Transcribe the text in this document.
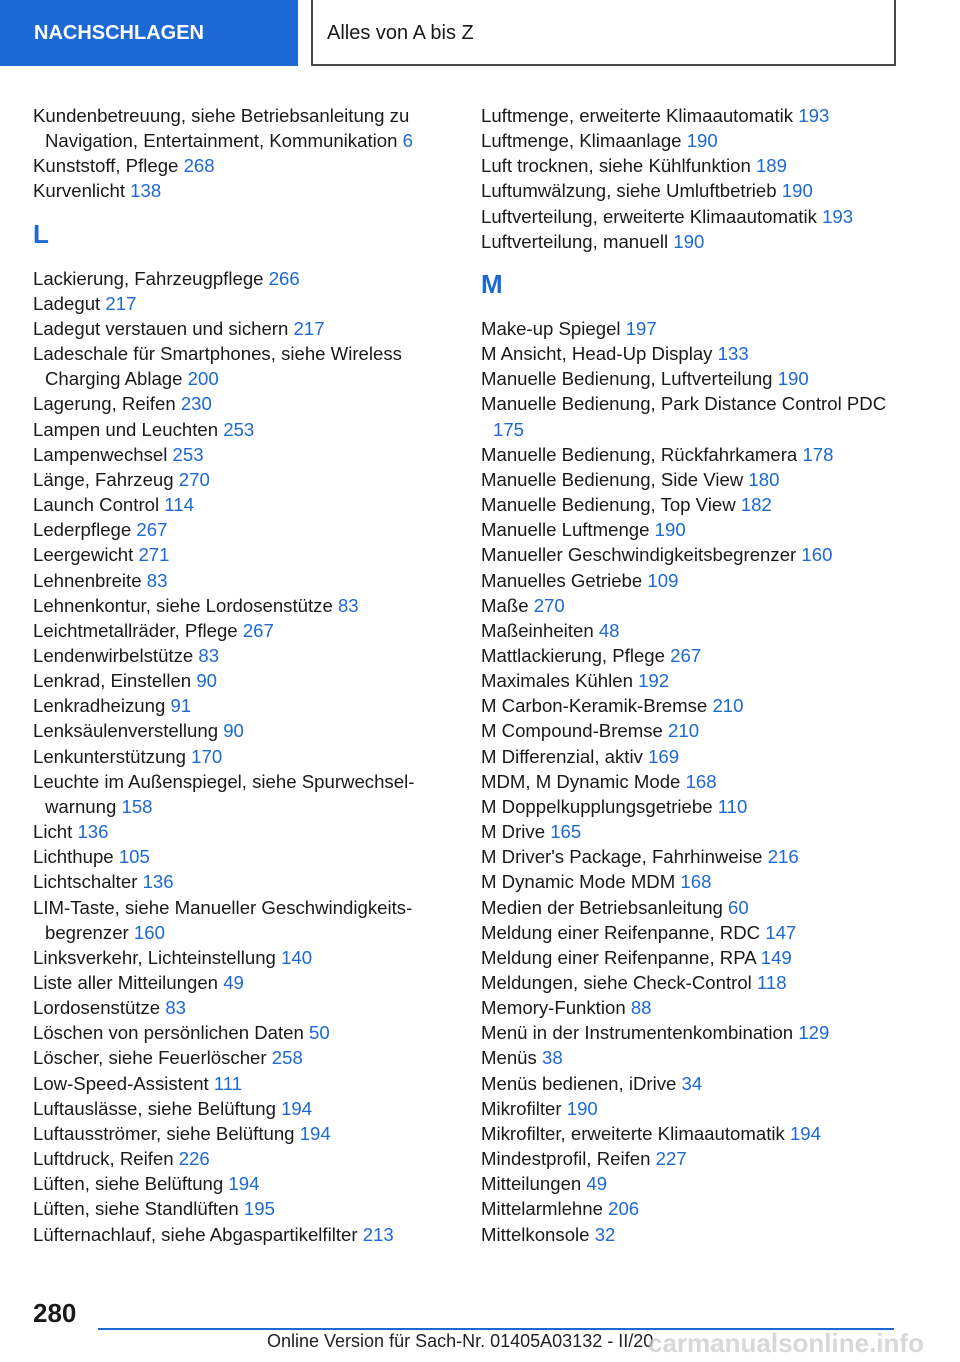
NACHSCHLAGEN	Alles von A bis Z
Kundenbetreuung, siehe Betriebsanleitung zu Navigation, Entertainment, Kommunikation 6
Kunststoff, Pflege 268
Kurvenlicht 138
L
Lackierung, Fahrzeugpflege 266
Ladegut 217
Ladegut verstauen und sichern 217
Ladeschale für Smartphones, siehe Wireless Charging Ablage 200
Lagerung, Reifen 230
Lampen und Leuchten 253
Lampenwechsel 253
Länge, Fahrzeug 270
Launch Control 114
Lederpflege 267
Leergewicht 271
Lehnenbreite 83
Lehnenkontur, siehe Lordosenstütze 83
Leichtmetallräder, Pflege 267
Lendenwirbelstütze 83
Lenkrad, Einstellen 90
Lenkradheizung 91
Lenksäulenverstellung 90
Lenkunterstützung 170
Leuchte im Außenspiegel, siehe Spurwechselwarnung 158
Licht 136
Lichthupe 105
Lichtschalter 136
LIM-Taste, siehe Manueller Geschwindigkeitsbegrenzer 160
Linksverkehr, Lichteinstellung 140
Liste aller Mitteilungen 49
Lordosenstütze 83
Löschen von persönlichen Daten 50
Löscher, siehe Feuerlöscher 258
Low-Speed-Assistent 111
Luftauslässe, siehe Belüftung 194
Luftausströmer, siehe Belüftung 194
Luftdruck, Reifen 226
Lüften, siehe Belüftung 194
Lüften, siehe Standlüften 195
Lüfternachlauf, siehe Abgaspartikelfilter 213
Luftmenge, erweiterte Klimaautomatik 193
Luftmenge, Klimaanlage 190
Luft trocknen, siehe Kühlfunktion 189
Luftumwälzung, siehe Umluftbetrieb 190
Luftverteilung, erweiterte Klimaautomatik 193
Luftverteilung, manuell 190
M
Make-up Spiegel 197
M Ansicht, Head-Up Display 133
Manuelle Bedienung, Luftverteilung 190
Manuelle Bedienung, Park Distance Control PDC 175
Manuelle Bedienung, Rückfahrkamera 178
Manuelle Bedienung, Side View 180
Manuelle Bedienung, Top View 182
Manuelle Luftmenge 190
Manueller Geschwindigkeitsbegrenzer 160
Manuelles Getriebe 109
Maße 270
Maßeinheiten 48
Mattlackierung, Pflege 267
Maximales Kühlen 192
M Carbon-Keramik-Bremse 210
M Compound-Bremse 210
M Differenzial, aktiv 169
MDM, M Dynamic Mode 168
M Doppelkupplungsgetriebe 110
M Drive 165
M Driver's Package, Fahrhinweise 216
M Dynamic Mode MDM 168
Medien der Betriebsanleitung 60
Meldung einer Reifenpanne, RDC 147
Meldung einer Reifenpanne, RPA 149
Meldungen, siehe Check-Control 118
Memory-Funktion 88
Menü in der Instrumentenkombination 129
Menüs 38
Menüs bedienen, iDrive 34
Mikrofilter 190
Mikrofilter, erweiterte Klimaautomatik 194
Mindestprofil, Reifen 227
Mitteilungen 49
Mittelarmlehne 206
Mittelkonsole 32
280
Online Version für Sach-Nr. 01405A03132 - II/20
carmanualsonline.info
